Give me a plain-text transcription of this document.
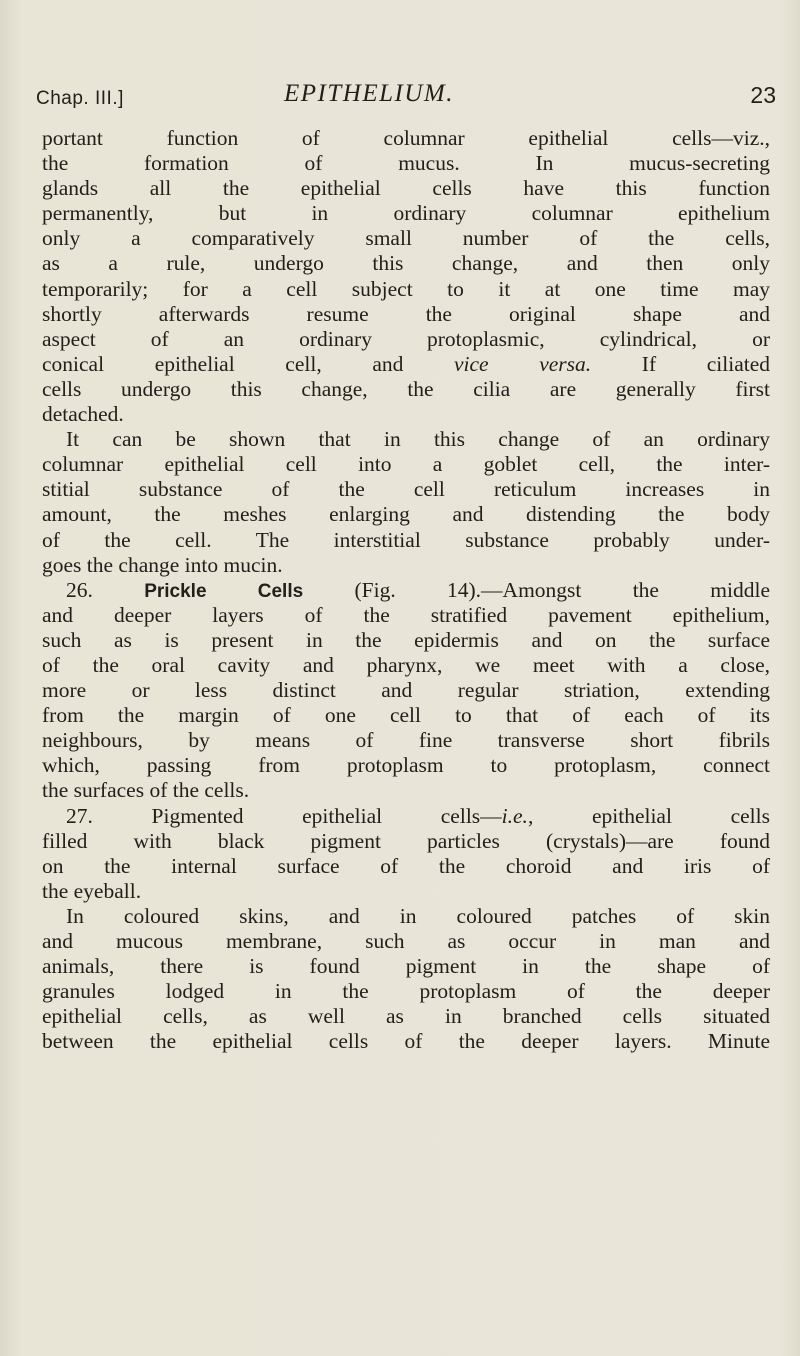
Chap. III.]	EPITHELIUM.	23
portant function of columnar epithelial cells—viz.,
the formation of mucus. In mucus-secreting
glands all the epithelial cells have this function
permanently, but in ordinary columnar epithelium
only a comparatively small number of the cells,
as a rule, undergo this change, and then only
temporarily; for a cell subject to it at one time may
shortly afterwards resume the original shape and
aspect of an ordinary protoplasmic, cylindrical, or
conical epithelial cell, and vice versa. If ciliated
cells undergo this change, the cilia are generally first
detached.
It can be shown that in this change of an ordinary
columnar epithelial cell into a goblet cell, the inter-
stitial substance of the cell reticulum increases in
amount, the meshes enlarging and distending the body
of the cell. The interstitial substance probably under-
goes the change into mucin.
26.	Prickle Cells (Fig. 14).—Amongst the middle
and deeper layers of the stratified pavement epithelium,
such as is present in the epidermis and on the surface
of the oral cavity and pharynx, we meet with a close,
more or less distinct and regular striation, extending
from the margin of one cell to that of each of its
neighbours, by means of fine transverse short fibrils
which, passing from protoplasm to protoplasm, connect
the surfaces of the cells.
27. Pigmented epithelial cells—i.e., epithelial cells
filled with black pigment particles (crystals)—are found
on the internal surface of the choroid and iris of
the eyeball.
In coloured skins, and in coloured patches of skin
and mucous membrane, such as occur in man and
animals, there is found pigment in the shape of
granules lodged in the protoplasm of the deeper
epithelial cells, as well as in branched cells situated
between the epithelial cells of the deeper layers. Minute
